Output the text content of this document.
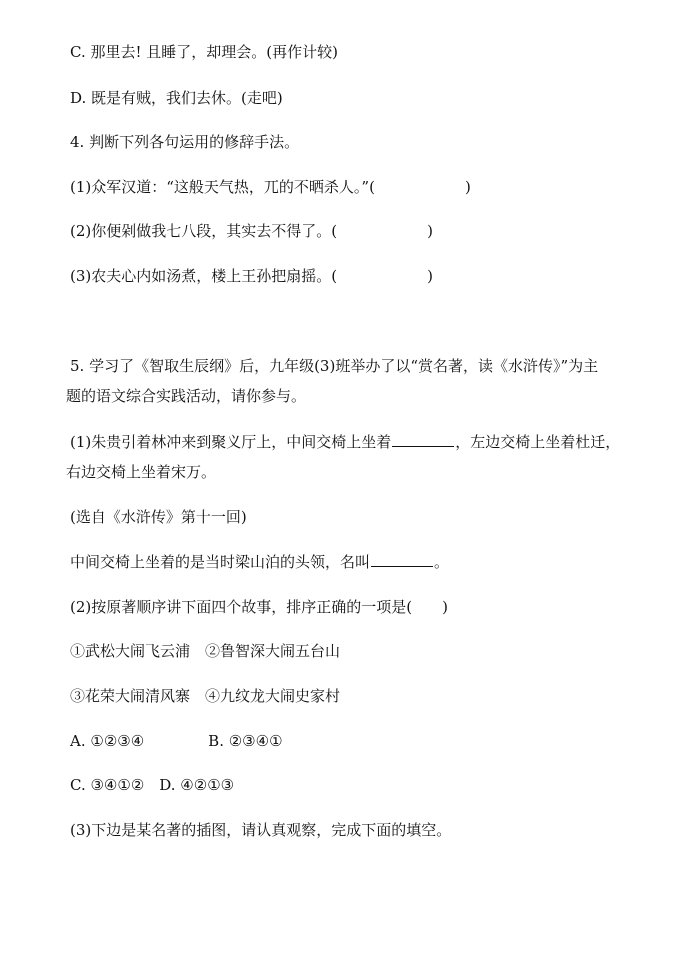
C. 那里去! 且睡了，却理会。(再作计较)
D. 既是有贼，我们去休。(走吧)
4. 判断下列各句运用的修辞手法。
(1)众军汉道：“这般天气热，兀的不晒杀人。”(　　　　　　)
(2)你便剁做我七八段，其实去不得了。(　　　　　　)
(3)农夫心内如汤煮，楼上王孙把扇摇。(　　　　　　)
5. 学习了《智取生辰纲》后，九年级(3)班举办了以“赏名著，读《水浒传》”为主
题的语文综合实践活动，请你参与。
(1)朱贵引着林冲来到聚义厅上，中间交椅上坐着	，左边交椅上坐着杜迁，
右边交椅上坐着宋万。
(选自《水浒传》第十一回)
中间交椅上坐着的是当时梁山泊的头领，名叫	。
(2)按原著顺序讲下面四个故事，排序正确的一项是(　　)
①武松大闹飞云浦　②鲁智深大闹五台山
③花荣大闹清风寨　④九纹龙大闹史家村
A. ①②③④	B. ②③④①
C. ③④①②　D. ④②①③
(3)下边是某名著的插图，请认真观察，完成下面的填空。
